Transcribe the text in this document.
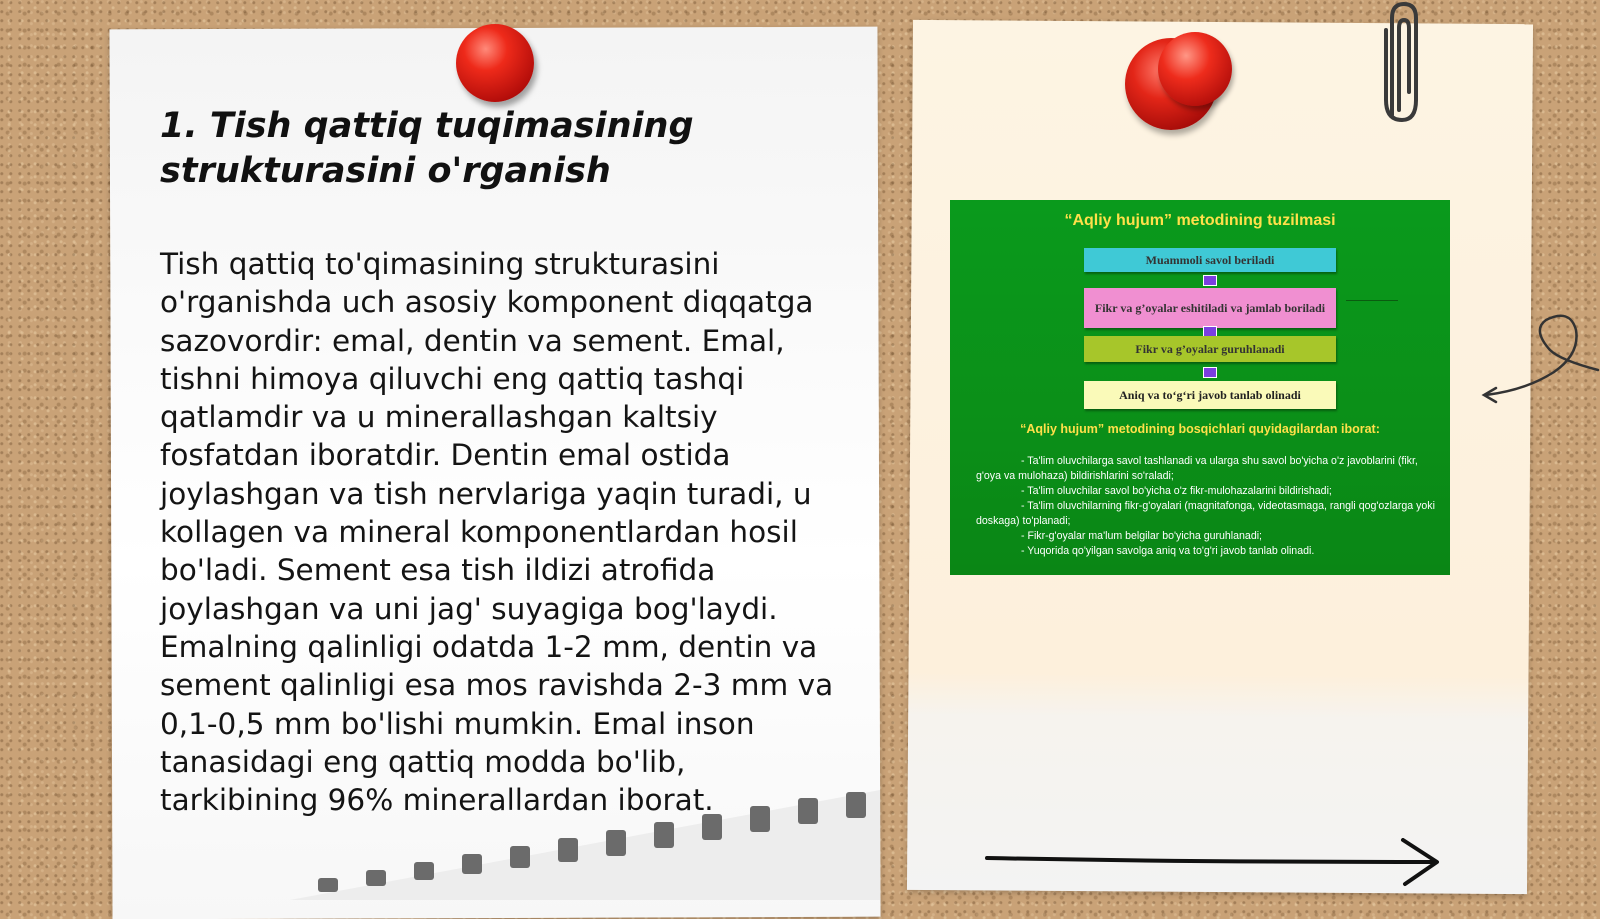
1. Tish qattiq tuqimasining strukturasini o'rganish

Tish qattiq to'qimasining strukturasini o'rganishda uch asosiy komponent diqqatga sazovordir: emal, dentin va sement. Emal, tishni himoya qiluvchi eng qattiq tashqi qatlamdir va u minerallashgan kaltsiy fosfatdan iboratdir. Dentin emal ostida joylashgan va tish nervlariga yaqin turadi, u kollagen va mineral komponentlardan hosil bo'ladi. Sement esa tish ildizi atrofida joylashgan va uni jag' suyagiga bog'laydi. Emalning qalinligi odatda 1-2 mm, dentin va sement qalinligi esa mos ravishda 2-3 mm va 0,1-0,5 mm bo'lishi mumkin. Emal inson tanasidagi eng qattiq modda bo'lib, tarkibining 96% minerallardan iborat.

“Aqliy hujum” metodining tuzilmasi
Muammoli savol beriladi
Fikr va g’oyalar eshitiladi va jamlab boriladi
Fikr va g’oyalar guruhlanadi
Aniq va to‘g‘ri javob tanlab olinadi
“Aqliy hujum” metodining bosqichlari quyidagilardan iborat:
- Ta'lim oluvchilarga savol tashlanadi va ularga shu savol bo'yicha o'z javoblarini (fikr, g'oya va mulohaza) bildirishlarini so'raladi;
- Ta'lim oluvchilar savol bo'yicha o'z fikr-mulohazalarini bildirishadi;
- Ta'lim oluvchilarning fikr-g'oyalari (magnitafonga, videotasmaga, rangli qog'ozlarga yoki doskaga) to'planadi;
- Fikr-g'oyalar ma'lum belgilar bo'yicha guruhlanadi;
- Yuqorida qo'yilgan savolga aniq va to'g'ri javob tanlab olinadi.
